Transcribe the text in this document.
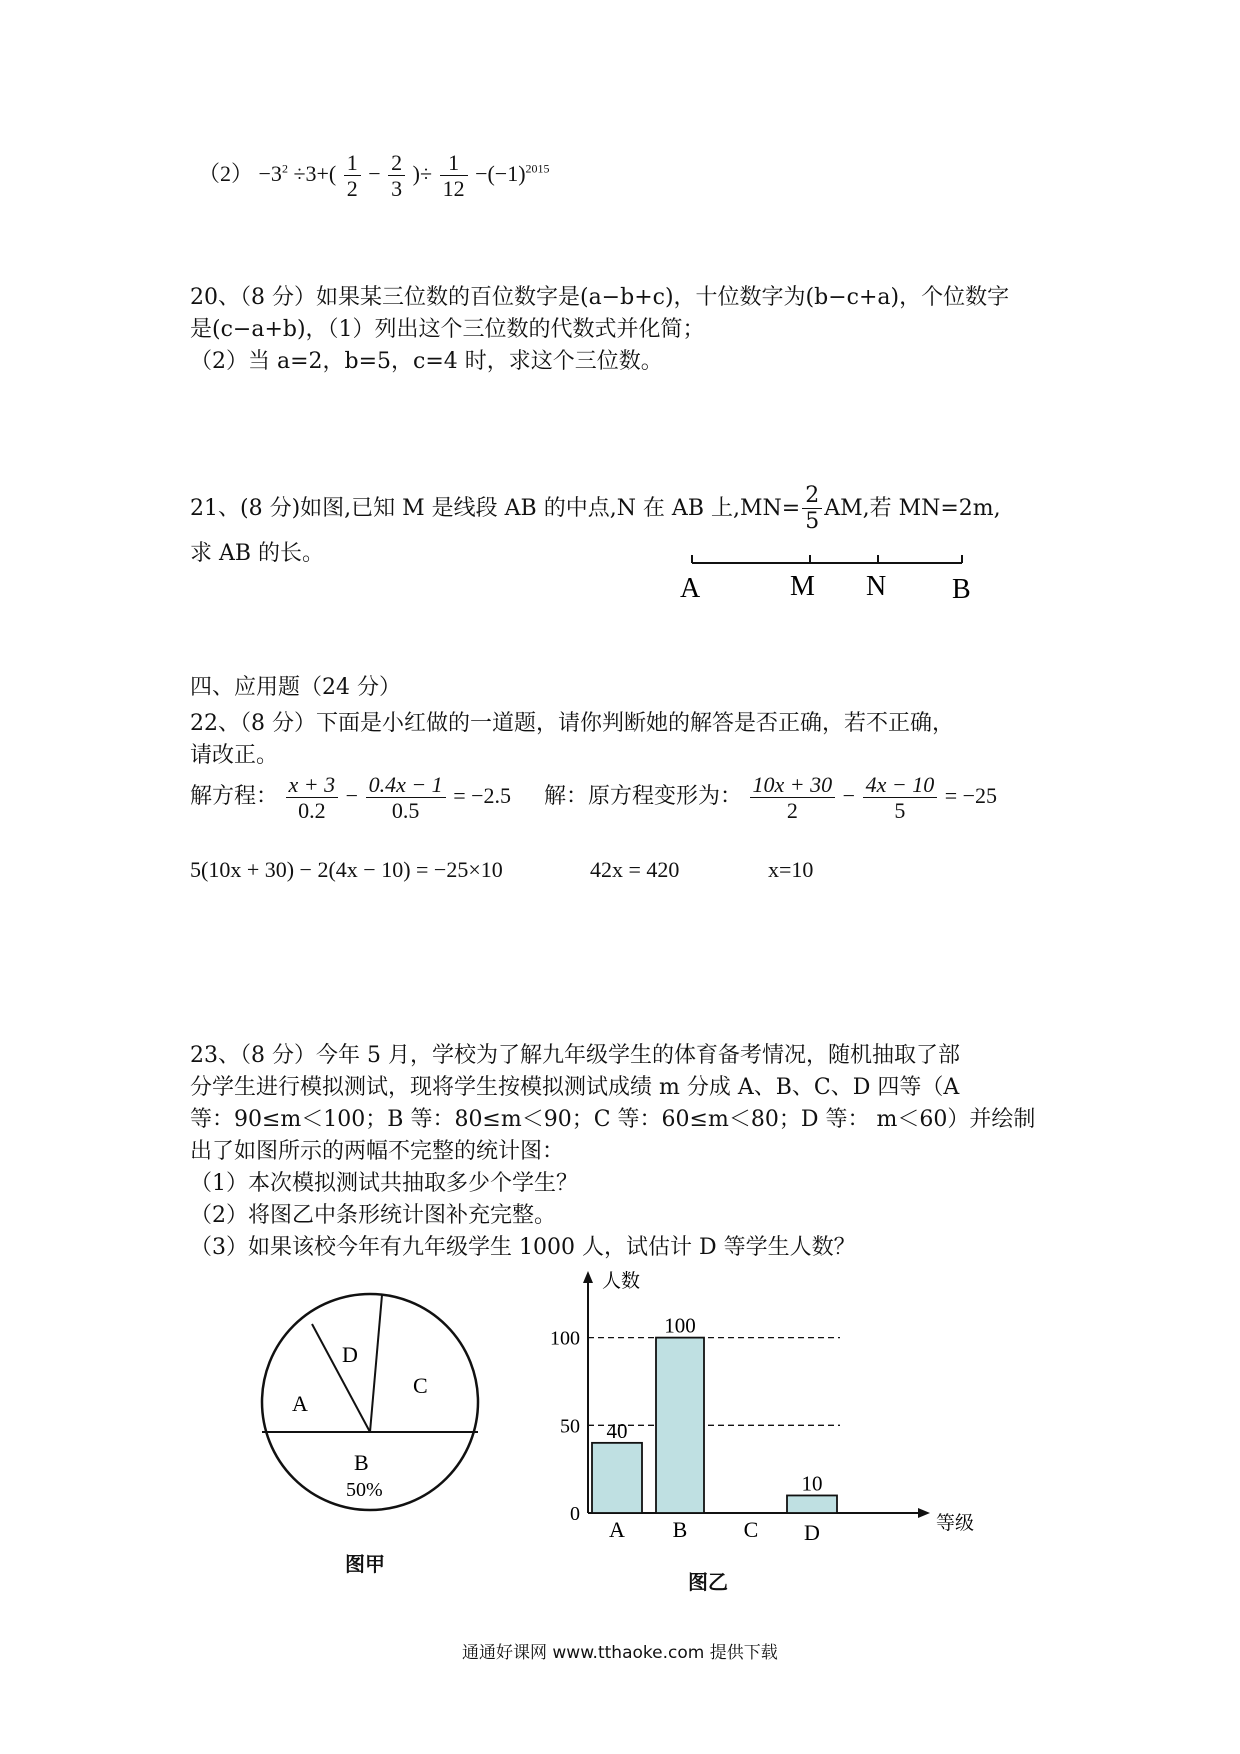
$(2) -3^2 \div 3+( \frac{1}{2} - \frac{2}{3}$ )÷ $\frac{1}{12} -(-1)^{2015}$
20、（8 分）如果某三位数的百位数字是(a−b+c)，十位数字为(b−c+a)，个位数字
是(c−a+b)，（1）列出这个三位数的代数式并化简；
（2）当 a=2，b=5，c=4 时，求这个三位数。
21、(8 分)如图,已知 M 是线段 AB 的中点,N 在 AB 上$,MN= \frac{2}{5}$ AM,若 MN=2m,
求 AB 的长。
A	M N B
四、应用题（24 分）
22、（8 分）下面是小红做的一道题，请你判断她的解答是否正确，若不正确，
请改正。
解方程： $\frac{x + 3}{0.2} - \frac{0.4x - 1}{0.5} = -2.5$ 解：原方程变形为： $\frac{10x + 30}{2} - \frac{4x - 10}{5} = -25$
5(10x + 30) − 2(4x − 10) = −25×10	42x = 420	x=10
23、（8 分）今年 5 月，学校为了解九年级学生的体育备考情况，随机抽取了部
分学生进行模拟测试，现将学生按模拟测试成绩 m 分成 A、B、C、D 四等（A
等：90≤m＜100；B 等：80≤m＜90；C 等：60≤m＜80；D 等： m＜60）并绘制
出了如图所示的两幅不完整的统计图：
（1）本次模拟测试共抽取多少个学生？
（2）将图乙中条形统计图补充完整。
（3）如果该校今年有九年级学生 1000 人，试估计 D 等学生人数？
A
D
C
B
50%
图甲
人数
等级
0
50
100
40
A
100
B	C
10
D
图乙
通通好课网 www.tthaoke.com 提供下载
